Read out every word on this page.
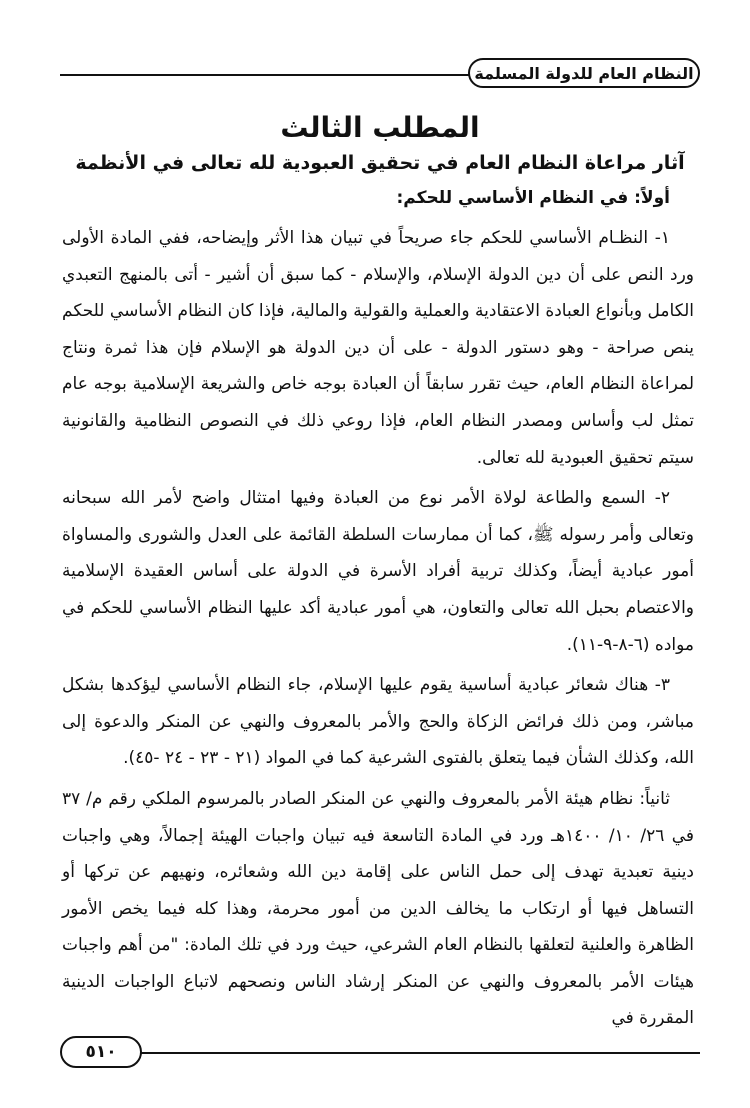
النظام العام للدولة المسلمة
المطلب الثالث
آثار مراعاة النظام العام في تحقيق العبودية لله تعالى في الأنظمة
أولاً: في النظام الأساسي للحكم:

١- النظـام الأساسي للحكم جاء صريحاً في تبيان هذا الأثر وإيضاحه، ففي المادة الأولى ورد النص على أن دين الدولة الإسلام، والإسلام - كما سبق أن أشير - أتى بالمنهج التعبدي الكامل وبأنواع العبادة الاعتقادية والعملية والقولية والمالية، فإذا كان النظام الأساسي للحكم ينص صراحة - وهو دستور الدولة - على أن دين الدولة هو الإسلام فإن هذا ثمرة ونتاج لمراعاة النظام العام، حيث تقرر سابقاً أن العبادة بوجه خاص والشريعة الإسلامية بوجه عام تمثل لب وأساس ومصدر النظام العام، فإذا روعي ذلك في النصوص النظامية والقانونية سيتم تحقيق العبودية لله تعالى.

٢- السمع والطاعة لولاة الأمر نوع من العبادة وفيها امتثال واضح لأمر الله سبحانه وتعالى وأمر رسوله ﷺ، كما أن ممارسات السلطة القائمة على العدل والشورى والمساواة أمور عبادية أيضاً، وكذلك تربية أفراد الأسرة في الدولة على أساس العقيدة الإسلامية والاعتصام بحبل الله تعالى والتعاون، هي أمور عبادية أكد عليها النظام الأساسي للحكم في مواده (٦-٨-٩-١١).

٣- هناك شعائر عبادية أساسية يقوم عليها الإسلام، جاء النظام الأساسي ليؤكدها بشكل مباشر، ومن ذلك فرائض الزكاة والحج والأمر بالمعروف والنهي عن المنكر والدعوة إلى الله، وكذلك الشأن فيما يتعلق بالفتوى الشرعية كما في المواد (٢١ - ٢٣ - ٢٤ -٤٥).

ثانياً: نظام هيئة الأمر بالمعروف والنهي عن المنكر الصادر بالمرسوم الملكي رقم م/ ٣٧ في ٢٦/ ١٠/ ١٤٠٠هـ ورد في المادة التاسعة فيه تبيان واجبات الهيئة إجمالاً، وهي واجبات دينية تعبدية تهدف إلى حمل الناس على إقامة دين الله وشعائره، ونهيهم عن تركها أو التساهل فيها أو ارتكاب ما يخالف الدين من أمور محرمة، وهذا كله فيما يخص الأمور الظاهرة والعلنية لتعلقها بالنظام العام الشرعي، حيث ورد في تلك المادة: "من أهم واجبات هيئات الأمر بالمعروف والنهي عن المنكر إرشاد الناس ونصحهم لاتباع الواجبات الدينية المقررة في

٥١٠
